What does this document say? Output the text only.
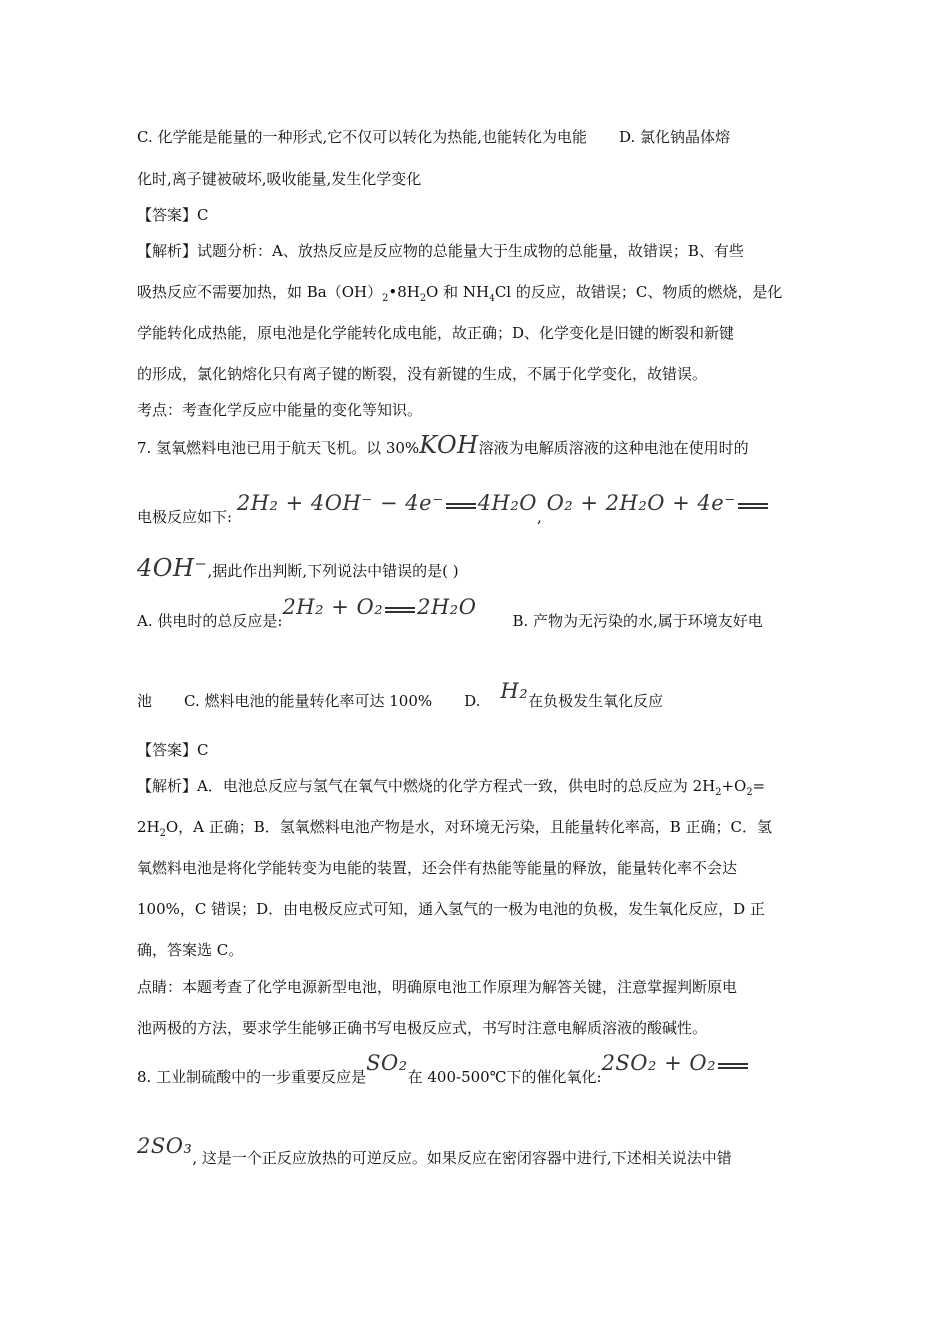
C. 化学能是能量的一种形式,它不仅可以转化为热能,也能转化为电能 D. 氯化钠晶体熔
化时,离子键被破坏,吸收能量,发生化学变化
【答案】C
【解析】试题分析：A、放热反应是反应物的总能量大于生成物的总能量，故错误；B、有些
吸热反应不需要加热，如 $Ba(OH)_2•8H_2O$ 和 $NH_4Cl$ 的反应，故错误；C、物质的燃烧，是化
学能转化成热能，原电池是化学能转化成电能，故正确；D、化学变化是旧键的断裂和新键
的形成，氯化钠熔化只有离子键的断裂，没有新键的生成，不属于化学变化，故错误。
考点：考查化学反应中能量的变化等知识。
7. 氢氧燃料电池已用于航天飞机。以 30%KOH溶液为电解质溶液的这种电池在使用时的
电极反应如下: 2H₂ + 4OH⁻ − 4e⁻ 4H₂O, O₂ + 2H₂O + 4e⁻
4OH⁻,据此作出判断,下列说法中错误的是( )
A. 供电时的总反应是:2H₂ + O₂ 2H₂OB. 产物为无污染的水,属于环境友好电
池 C. 燃料电池的能量转化率可达 100% D. H₂在负极发生氧化反应
【答案】C
【解析】A．电池总反应与氢气在氧气中燃烧的化学方程式一致，供电时的总反应为 $2H_2+O_2=$
$2H_2O$，A 正确；B．氢氧燃料电池产物是水，对环境无污染，且能量转化率高，B 正确；C．氢
氧燃料电池是将化学能转变为电能的装置，还会伴有热能等能量的释放，能量转化率不会达
100%，C 错误；D．由电极反应式可知，通入氢气的一极为电池的负极，发生氧化反应，D 正
确，答案选 C。
点睛：本题考查了化学电源新型电池，明确原电池工作原理为解答关键，注意掌握判断原电
池两极的方法，要求学生能够正确书写电极反应式，书写时注意电解质溶液的酸碱性。
8. 工业制硫酸中的一步重要反应是SO₂在 400-500℃下的催化氧化:2SO₂ + O₂
2SO₃, 这是一个正反应放热的可逆反应。如果反应在密闭容器中进行,下述相关说法中错
